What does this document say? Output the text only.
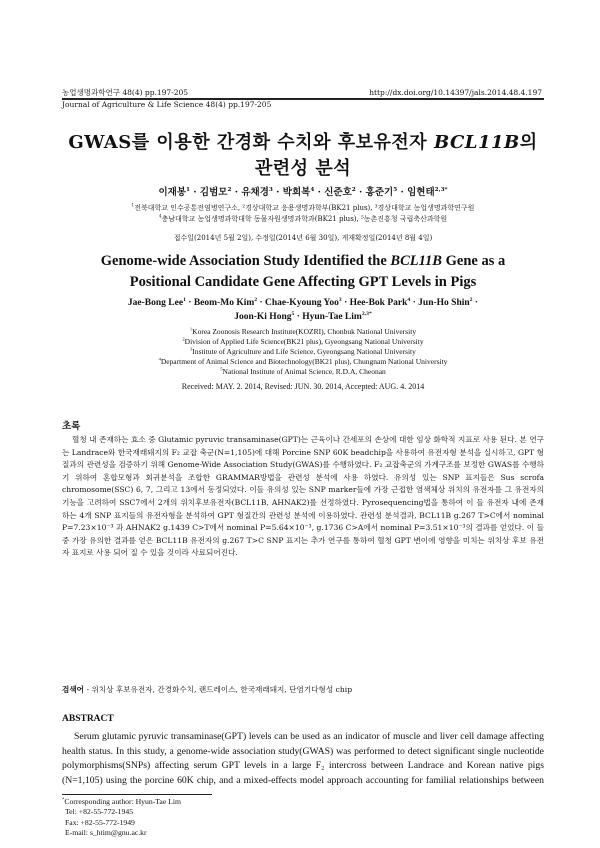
농업생명과학연구 48(4) pp.197-205	http://dx.doi.org/10.14397/jals.2014.48.4.197
Journal of Agriculture & Life Science 48(4) pp.197-205
GWAS를 이용한 간경화 수치와 후보유전자 BCL11B의
관련성 분석
이재봉$^1$ · 김범모$^2$ · 유채경$^3$ · 박희복$^4$ · 신준호$^2$ · 홍준기$^5$ · 임현태$^{2,3*}$
$^1$전북대학교 인수공통전염병연구소, ²경상대학교 응용생명과학부(BK21 plus), ³경상대학교 농업생명과학연구원
$^4$충남대학교 농업생명과학대학 동물자원생명과학과(BK21 plus), ⁵농촌진흥청 국립축산과학원
접수일(2014년 5월 2일), 수정일(2014년 6월 30일), 게재확정일(2014년 8월 4일)
Genome-wide Association Study Identified the BCL11B Gene as a
Positional Candidate Gene Affecting GPT Levels in Pigs
Jae-Bong Lee$^1$ · Beom-Mo Kim$^2$ · Chae-Kyoung Yoo$^3$ · Hee-Bok Park$^4$ · Jun-Ho Shin$^2$ ·
Joon-Ki Hong$^5$ · Hyun-Tae Lim$^{2,3*}$
$^1$Korea Zoonosis Research Institute(KOZRI), Chonbuk National University
$^2$Division of Applied Life Science(BK21 plus), Gyeongsang National University
$^3$Institute of Agriculture and Life Science, Gyeongsang National University
$^4$Department of Animal Science and Biotechnology(BK21 plus), Chungnam National University
$^5$National Institute of Animal Science, R.D.A, Cheonan
Received: MAY. 2. 2014, Revised: JUN. 30. 2014, Accepted: AUG. 4. 2014
초록

혈청 내 존재하는 효소 중 Glutamic pyruvic transaminase(GPT)는 근육이나 간세포의 손상에 대한 임상 화학적 지표로 사용 된다. 본 연구는 Landrace와 한국재래돼지의 F₂ 교잡 축군(N=1,105)에 대해 Porcine SNP 60K beadchip을 사용하여 유전자형 분석을 실시하고, GPT 형질과의 관련성을 검증하기 위해 Genome-Wide Association Study(GWAS)를 수행하였다. F₂ 교잡축군의 가계구조를 보정한 GWAS를 수행하기 위하여 혼합모형과 회귀분석을 조합한 GRAMMAR방법을 관련성 분석에 사용 하였다. 유의성 있는 SNP 표지들은 Sus scrofa chromosome(SSC) 6, 7, 그리고 13에서 동정되었다. 이들 유의성 있는 SNP marker들에 가장 근접한 염색체상 위치의 유전자를 그 유전자의 기능을 고려하여 SSC7에서 2개의 위치후보유전자(BCL11B, AHNAK2)를 선정하였다. Pyrosequencing법을 통하여 이 들 유전자 내에 존재하는 4개 SNP 표지들의 유전자형을 분석하여 GPT 형질간의 관련성 분석에 이용하였다. 관련성 분석결과, BCL11B g.267 T>C에서 nominal P=7.23×10⁻³ 과 AHNAK2 g.1439 C>T에서 nominal P=5.64×10⁻³, g.1736 C>A에서 nominal P=3.51×10⁻³의 결과를 얻었다. 이 들 중 가장 유의한 결과를 얻은 BCL11B 유전자의 g.267 T>C SNP 표지는 추가 연구를 통하여 혈청 GPT 변이에 영향을 미치는 위치상 후보 유전자 표지로 사용 되어 질 수 있을 것이라 사료되어진다.

검색어 - 위치상 후보유전자, 간경화수치, 랜드레이스, 한국재래돼지, 단염기다형성 chip
ABSTRACT

Serum glutamic pyruvic transaminase(GPT) levels can be used as an indicator of muscle and liver cell damage affecting health status. In this study, a genome-wide association study(GWAS) was performed to detect significant single nucleotide polymorphisms(SNPs) affecting serum GPT levels in a large F₂ intercross between Landrace and Korean native pigs (N=1,105) using the porcine 60K chip, and a mixed-effects model approach accounting for familial relationships between

*Corresponding author: Hyun-Tae Lim
Tel: +82-55-772-1945
Fax: +82-55-772-1949
E-mail: s_htim@gnu.ac.kr
